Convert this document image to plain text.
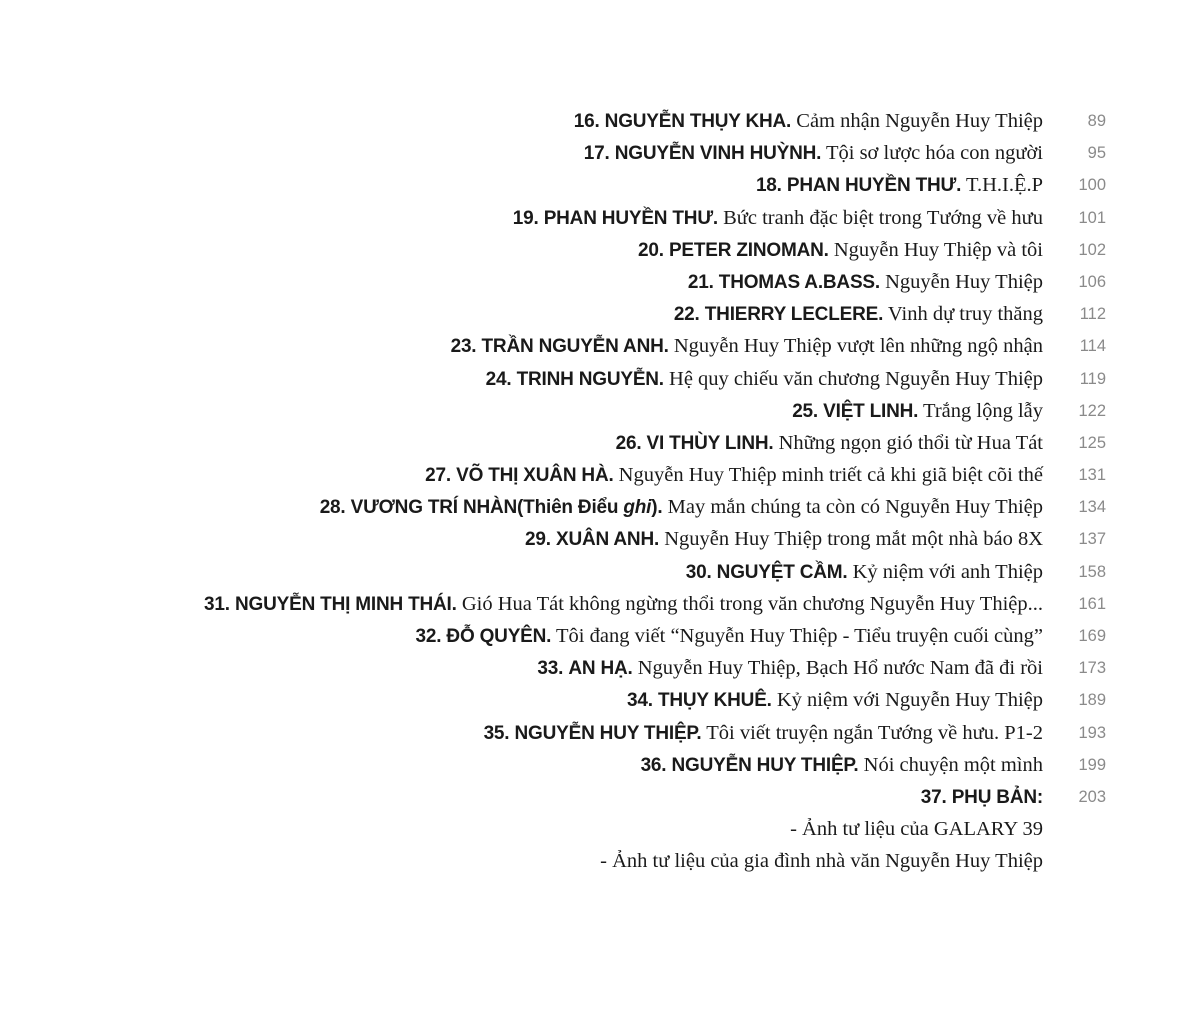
16. NGUYỄN THỤY KHA. Cảm nhận Nguyễn Huy Thiệp	89
17. NGUYỄN VINH HUỲNH. Tội sơ lược hóa con người	95
18. PHAN HUYỀN THƯ. T.H.I.Ệ.P 100
19. PHAN HUYỀN THƯ. Bức tranh đặc biệt trong Tướng về hưu 101
20. PETER ZINOMAN. Nguyễn Huy Thiệp và tôi 102
21. THOMAS A.BASS. Nguyễn Huy Thiệp 106
22. THIERRY LECLERE. Vinh dự truy thăng 112
23. TRẦN NGUYỄN ANH. Nguyễn Huy Thiệp vượt lên những ngộ nhận 114
24. TRINH NGUYỄN. Hệ quy chiếu văn chương Nguyễn Huy Thiệp 119
25. VIỆT LINH. Trắng lộng lẫy 122
26. VI THÙY LINH. Những ngọn gió thổi từ Hua Tát 125
27. VÕ THỊ XUÂN HÀ. Nguyễn Huy Thiệp minh triết cả khi giã biệt cõi thế 131
28. VƯƠNG TRÍ NHÀN(Thiên Điểu ghi). May mắn chúng ta còn có Nguyễn Huy Thiệp 134
29. XUÂN ANH. Nguyễn Huy Thiệp trong mắt một nhà báo 8X 137
30. NGUYỆT CẦM. Kỷ niệm với anh Thiệp 158
31. NGUYỄN THỊ MINH THÁI. Gió Hua Tát không ngừng thổi trong văn chương Nguyễn Huy Thiệp... 161
32. ĐỖ QUYÊN. Tôi đang viết “Nguyễn Huy Thiệp - Tiểu truyện cuối cùng” 169
33. AN HẠ. Nguyễn Huy Thiệp, Bạch Hổ nước Nam đã đi rồi 173
34. THỤY KHUÊ. Kỷ niệm với Nguyễn Huy Thiệp 189
35. NGUYỄN HUY THIỆP. Tôi viết truyện ngắn Tướng về hưu. P1-2 193
36. NGUYỄN HUY THIỆP. Nói chuyện một mình 199
37. PHỤ BẢN: 203
- Ảnh tư liệu của GALARY 39
- Ảnh tư liệu của gia đình nhà văn Nguyễn Huy Thiệp
